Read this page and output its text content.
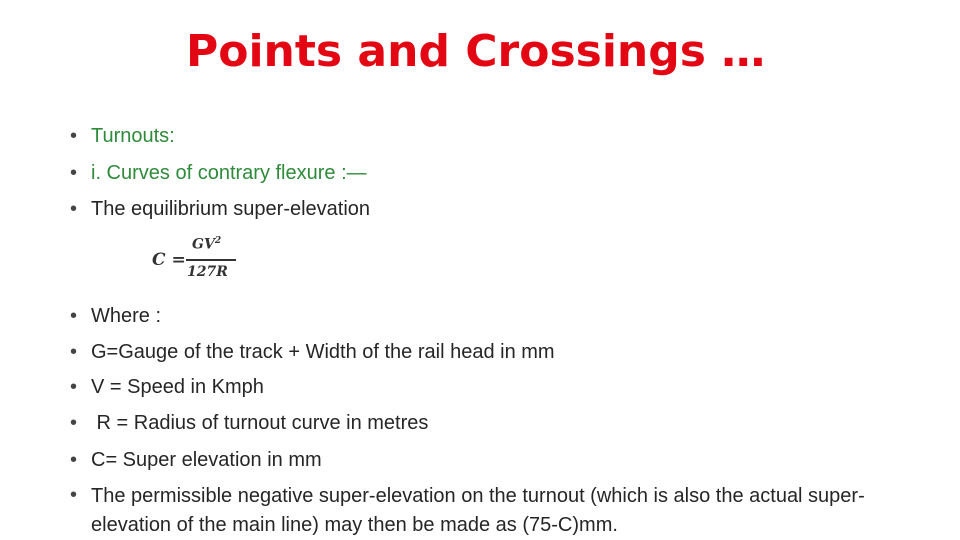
Points and Crossings …
• Turnouts:
• i. Curves of contrary flexure :—
• The equilibrium super-elevation
• Where :
• G=Gauge of the track + Width of the rail head in mm
• V = Speed in Kmph
• R = Radius of turnout curve in metres
• C= Super elevation in mm
• The permissible negative super-elevation on the turnout (which is also the actual super- elevation of the main line) may then be made as (75-C)mm.
C =
$GV^2$
127R
